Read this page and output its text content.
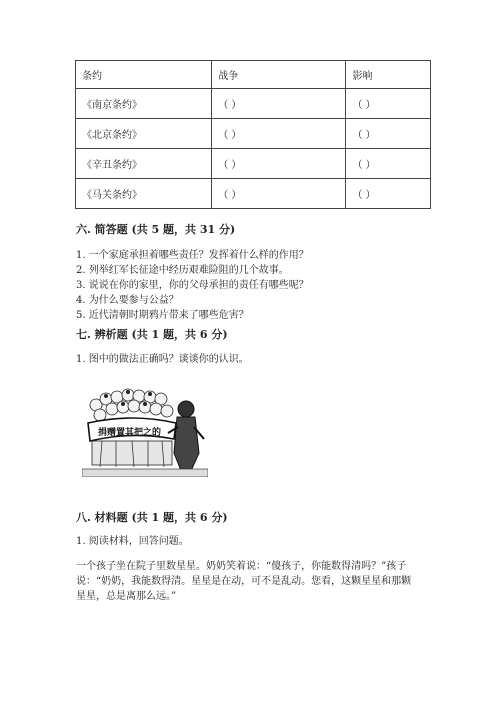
条约	战争	影响
《南京条约》	（ ）	（ ）
《北京条约》	（ ）	（ ）
《辛丑条约》	（ ）	（ ）
《马关条约》	（ ）	（ ）
六. 简答题 (共 5 题，共 31 分)
1. 一个家庭承担着哪些责任？发挥着什么样的作用？
2. 列举红军长征途中经历艰难险阻的几个故事。
3. 说说在你的家里，你的父母承担的责任有哪些呢？
4. 为什么要参与公益？
5. 近代清朝时期鸦片带来了哪些危害？
七. 辨析题 (共 1 题，共 6 分)
1. 图中的做法正确吗？谈谈你的认识。
捐赠置其把之的
八. 材料题 (共 1 题，共 6 分)
1. 阅读材料，回答问题。
一个孩子坐在院子里数星星。奶奶笑着说：“傻孩子，你能数得清吗？”孩子
说：“奶奶，我能数得清。星星是在动，可不是乱动。您看，这颗星星和那颗
星星，总是离那么远。”
